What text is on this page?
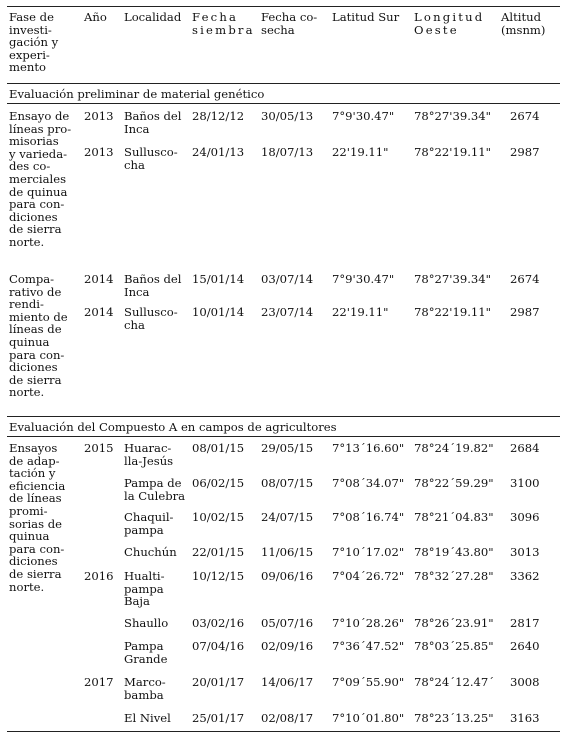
Fase de
investi-
gación y
experi-
mento
Año Localidad Fecha
siembra
Fecha co-
secha
Latitud Sur Longitud
Oeste
Altitud
(msnm)
Evaluación preliminar de material genético
Ensayo de
líneas pro-
misorias
y varieda-
des co-
merciales
de quinua
para con-
diciones
de sierra
norte.
Compa-
rativo de
rendi-
miento de
líneas de
quinua
para con-
diciones
de sierra
norte.
2013 Baños del
Inca
28/12/12 30/05/13 7°9'30.47" 78°27'39.34" 2674
2013 Sullusco-
cha
24/01/13 18/07/13 22'19.11" 78°22'19.11" 2987
2014 Baños del
Inca
15/01/14 03/07/14 7°9'30.47" 78°27'39.34" 2674
2014 Sullusco-
cha
10/01/14 23/07/14 22'19.11" 78°22'19.11" 2987
Evaluación del Compuesto A en campos de agricultores
Ensayos
de adap-
tación y
eficiencia
de líneas
promi-
sorias de
quinua
para con-
diciones
de sierra
norte.
2015
2016
2017
Huarac-
lla-Jesús
08/01/15 29/05/15 7°13´16.60" 78°24´19.82" 2684
Pampa de
la Culebra
06/02/15 08/07/15 7°08´34.07" 78°22´59.29" 3100
Chaquil-
pampa
10/02/15 24/07/15 7°08´16.74" 78°21´04.83" 3096
Chuchún 22/01/15 11/06/15 7°10´17.02" 78°19´43.80" 3013
Hualti-
pampa
Baja
10/12/15 09/06/16 7°04´26.72" 78°32´27.28" 3362
Shaullo 03/02/16 05/07/16 7°10´28.26" 78°26´23.91" 2817
Pampa
Grande
07/04/16 02/09/16 7°36´47.52" 78°03´25.85" 2640
Marco-
bamba
20/01/17 14/06/17 7°09´55.90" 78°24´12.47´ 3008
El Nivel 25/01/17 02/08/17 7°10´01.80" 78°23´13.25" 3163
